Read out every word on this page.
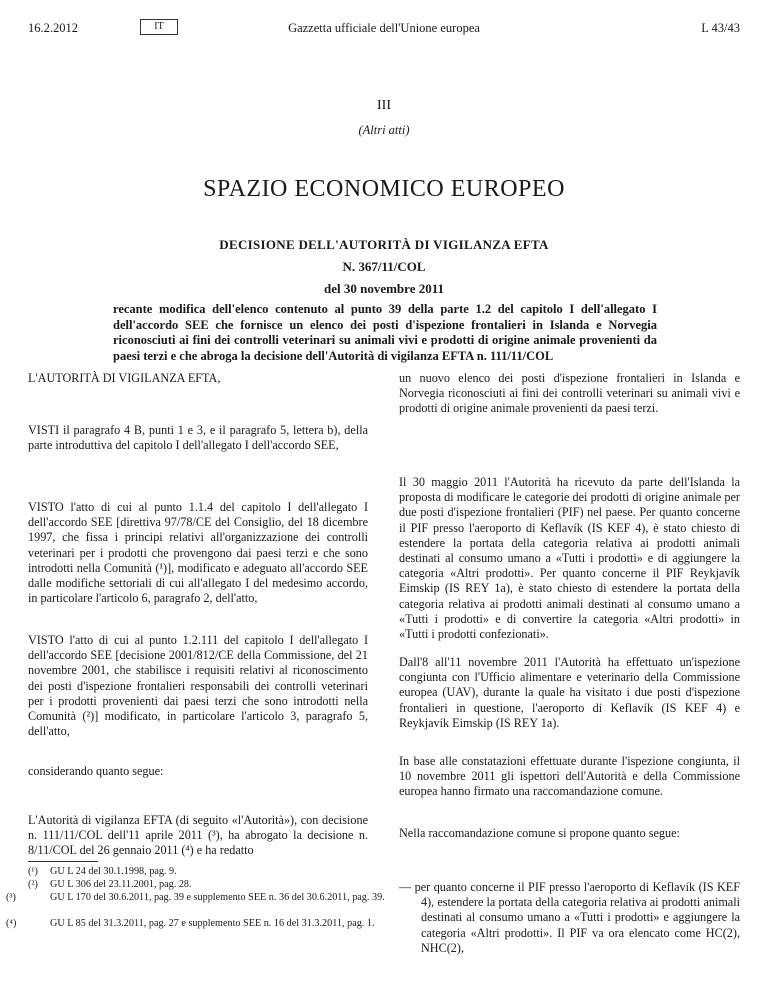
16.2.2012	IT	Gazzetta ufficiale dell'Unione europea	L 43/43
III
(Altri atti)
SPAZIO ECONOMICO EUROPEO
DECISIONE DELL'AUTORITÀ DI VIGILANZA EFTA
N. 367/11/COL
del 30 novembre 2011
recante modifica dell'elenco contenuto al punto 39 della parte 1.2 del capitolo I dell'allegato I dell'accordo SEE che fornisce un elenco dei posti d'ispezione frontalieri in Islanda e Norvegia riconosciuti ai fini dei controlli veterinari su animali vivi e prodotti di origine animale provenienti da paesi terzi e che abroga la decisione dell'Autorità di vigilanza EFTA n. 111/11/COL
L'AUTORITÀ DI VIGILANZA EFTA,
VISTI il paragrafo 4 B, punti 1 e 3, e il paragrafo 5, lettera b), della parte introduttiva del capitolo I dell'allegato I dell'accordo SEE,
VISTO l'atto di cui al punto 1.1.4 del capitolo I dell'allegato I dell'accordo SEE [direttiva 97/78/CE del Consiglio, del 18 dicembre 1997, che fissa i principi relativi all'organizzazione dei controlli veterinari per i prodotti che provengono dai paesi terzi e che sono introdotti nella Comunità (¹)], modificato e adeguato all'accordo SEE dalle modifiche settoriali di cui all'allegato I del medesimo accordo, in particolare l'articolo 6, paragrafo 2, dell'atto,
VISTO l'atto di cui al punto 1.2.111 del capitolo I dell'allegato I dell'accordo SEE [decisione 2001/812/CE della Commissione, del 21 novembre 2001, che stabilisce i requisiti relativi al riconoscimento dei posti d'ispezione frontalieri responsabili dei controlli veterinari per i prodotti provenienti dai paesi terzi che sono introdotti nella Comunità (²)] modificato, in particolare l'articolo 3, paragrafo 5, dell'atto,
considerando quanto segue:
L'Autorità di vigilanza EFTA (di seguito «l'Autorità»), con decisione n. 111/11/COL dell'11 aprile 2011 (³), ha abrogato la decisione n. 8/11/COL del 26 gennaio 2011 (⁴) e ha redatto
(¹) GU L 24 del 30.1.1998, pag. 9.
(²) GU L 306 del 23.11.2001, pag. 28.
(³)	GU L 170 del 30.6.2011, pag. 39 e supplemento SEE n. 36 del 30.6.2011, pag. 39.
(⁴)	GU L 85 del 31.3.2011, pag. 27 e supplemento SEE n. 16 del 31.3.2011, pag. 1.
un nuovo elenco dei posti d'ispezione frontalieri in Islanda e Norvegia riconosciuti ai fini dei controlli veterinari su animali vivi e prodotti di origine animale provenienti da paesi terzi.
Il 30 maggio 2011 l'Autorità ha ricevuto da parte dell'Islanda la proposta di modificare le categorie dei prodotti di origine animale per due posti d'ispezione frontalieri (PIF) nel paese. Per quanto concerne il PIF presso l'aeroporto di Keflavík (IS KEF 4), è stato chiesto di estendere la portata della categoria relativa ai prodotti animali destinati al consumo umano a «Tutti i prodotti» e di aggiungere la categoria «Altri prodotti». Per quanto concerne il PIF Reykjavík Eimskip (IS REY 1a), è stato chiesto di estendere la portata della categoria relativa ai prodotti animali destinati al consumo umano a «Tutti i prodotti» e di convertire la categoria «Altri prodotti» in «Tutti i prodotti confezionati».
Dall'8 all'11 novembre 2011 l'Autorità ha effettuato un'ispezione congiunta con l'Ufficio alimentare e veterinario della Commissione europea (UAV), durante la quale ha visitato i due posti d'ispezione frontalieri in questione, l'aeroporto di Keflavík (IS KEF 4) e Reykjavík Eimskip (IS REY 1a).
In base alle constatazioni effettuate durante l'ispezione congiunta, il 10 novembre 2011 gli ispettori dell'Autorità e della Commissione europea hanno firmato una raccomandazione comune.
Nella raccomandazione comune si propone quanto segue:
— per quanto concerne il PIF presso l'aeroporto di Keflavík (IS KEF 4), estendere la portata della categoria relativa ai prodotti animali destinati al consumo umano a «Tutti i prodotti» e aggiungere la categoria «Altri prodotti». Il PIF va ora elencato come HC(2), NHC(2),
